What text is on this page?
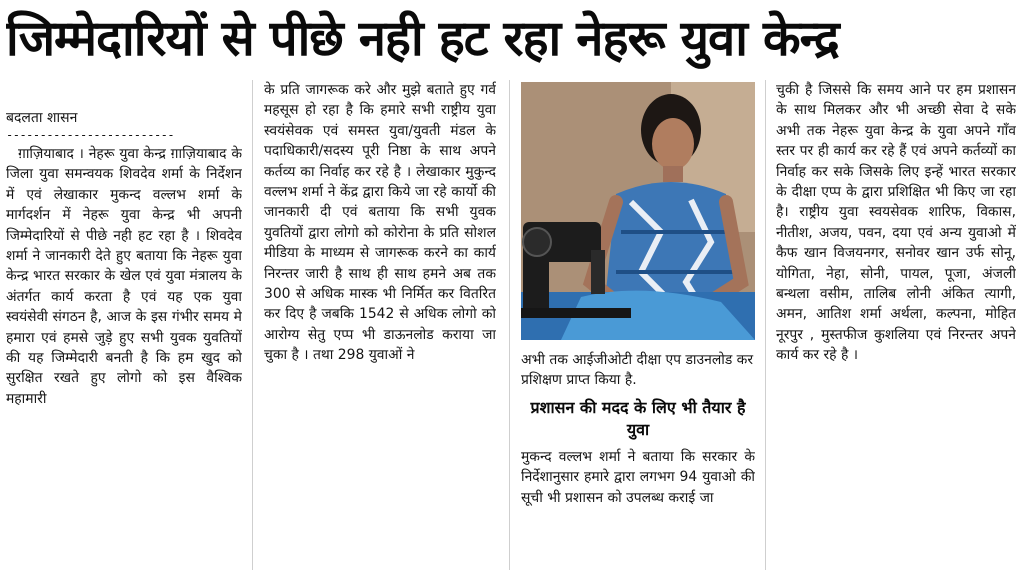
जिम्मेदारियों से पीछे नही हट रहा नेहरू युवा केन्द्र
बदलता शासन
-------------------------
ग़ाज़ियाबाद । नेहरू युवा केन्द्र ग़ाज़ियाबाद के जिला युवा समन्वयक शिवदेव शर्मा के निर्देशन में एवं लेखाकार मुकन्द वल्लभ शर्मा के मार्गदर्शन में नेहरू युवा केन्द्र भी अपनी जिम्मेदारियों से पीछे नही हट रहा है । शिवदेव शर्मा ने जानकारी देते हुए बताया कि नेहरू युवा केन्द्र भारत सरकार के खेल एवं युवा मंत्रालय के अंतर्गत कार्य करता है एवं यह एक युवा स्वयंसेवी संगठन है, आज के इस गंभीर समय मे हमारा एवं हमसे जुड़े हुए सभी युवक युवतियों की यह जिम्मेदारी बनती है कि हम खुद को सुरक्षित रखते हुए लोगो को इस वैश्विक महामारी
के प्रति जागरूक करे और मुझे बताते हुए गर्व महसूस हो रहा है कि हमारे सभी राष्ट्रीय युवा स्वयंसेवक एवं समस्त युवा/युवती मंडल के पदाधिकारी/सदस्य पूरी निष्ठा के साथ अपने कर्तव्य का निर्वाह कर रहे है । लेखाकार मुकुन्द वल्लभ शर्मा ने केंद्र द्वारा किये जा रहे कार्यो की जानकारी दी एवं बताया कि सभी युवक युवतियों द्वारा लोगो को कोरोना के प्रति सोशल मीडिया के माध्यम से जागरूक करने का कार्य निरन्तर जारी है साथ ही साथ हमने अब तक 300 से अधिक मास्क भी निर्मित कर वितरित कर दिए है जबकि 1542 से अधिक लोगो को आरोग्य सेतु एप्प भी डाऊनलोड कराया जा चुका है । तथा 298 युवाओं ने	अभी तक आईजीओटी दीक्षा एप डाउनलोड कर प्रशिक्षण प्राप्त किया है.
प्रशासन की मदद के लिए भी तैयार है युवा
मुकन्द वल्लभ शर्मा ने बताया कि सरकार के निर्देशानुसार हमारे द्वारा लगभग 94 युवाओ की सूची भी प्रशासन को उपलब्ध कराई जा
चुकी है जिससे कि समय आने पर हम प्रशासन के साथ मिलकर और भी अच्छी सेवा दे सके अभी तक नेहरू युवा केन्द्र के युवा अपने गाँव स्तर पर ही कार्य कर रहे हैं एवं अपने कर्तव्यों का निर्वाह कर सके जिसके लिए इन्हें भारत सरकार के दीक्षा एप्प के द्वारा प्रशिक्षित भी किए जा रहा है। राष्ट्रीय युवा स्वयसेवक शारिफ, विकास, नीतीश, अजय, पवन, दया एवं अन्य युवाओ में कैफ खान विजयनगर, सनोवर खान उर्फ सोनू, योगिता, नेहा, सोनी, पायल, पूजा, अंजली बन्थला वसीम, तालिब लोनी अंकित त्यागी, अमन, आतिश शर्मा अर्थला, कल्पना, मोहित नूरपुर , मुस्तफीज कुशलिया एवं निरन्तर अपने कार्य कर रहे है ।
